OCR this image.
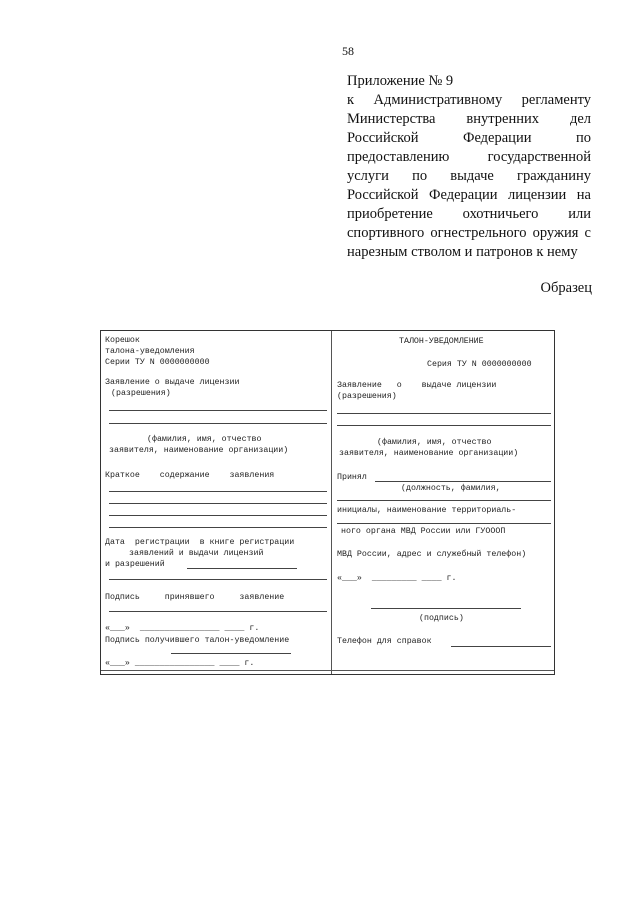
58

Приложение № 9

к Административному регламенту Министерства внутренних дел Российской Федерации по предоставлению государственной услуги по выдаче гражданину Российской Федерации лицензии на приобретение охотничьего или спортивного огнестрельного оружия с нарезным стволом и патронов к нему

Образец
Корешок
талона-уведомления
Серии ТУ N 0000000000
Заявление о выдаче лицензии
(разрешения)
(фамилия, имя, отчество
заявителя, наименование организации)
Краткое    содержание    заявления
Дата  регистрации  в книге регистрации
заявлений и выдачи лицензий
и разрешений
Подпись     принявшего     заявление
«___»  ________________ ____ г.
Подпись получившего талон-уведомление
«___» ________________ ____ г.
ТАЛОН-УВЕДОМЛЕНИЕ
Серия ТУ N 0000000000
Заявление   о    выдаче лицензии
(разрешения)
(фамилия, имя, отчество
заявителя, наименование организации)
Принял
(должность, фамилия,
инициалы, наименование территориаль-
ного органа МВД России или ГУОООП
МВД России, адрес и служебный телефон)
«___»  _________ ____ г.
(подпись)
Телефон для справок
